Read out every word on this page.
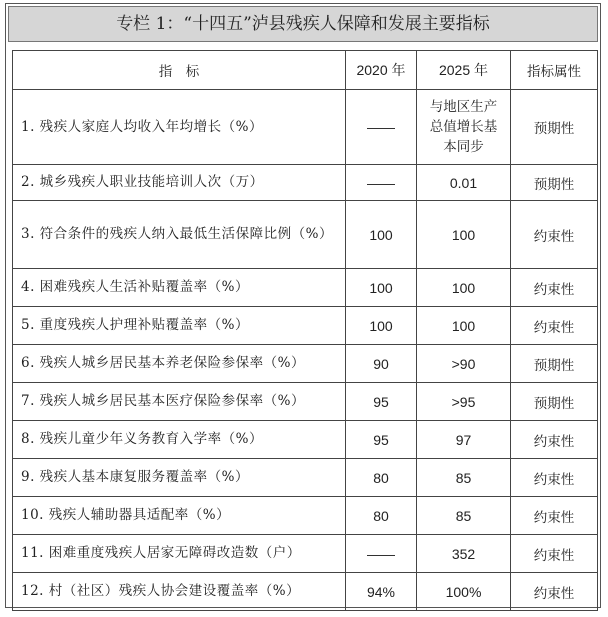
专栏 1：“十四五”泸县残疾人保障和发展主要指标
指　标	2020 年	2025 年	指标属性
1. 残疾人家庭人均收入年均增长（%）	——	与地区生产总值增长基本同步	预期性
2. 城乡残疾人职业技能培训人次（万）	——	0.01	预期性
3. 符合条件的残疾人纳入最低生活保障比例（%）	100	100	约束性
4. 困难残疾人生活补贴覆盖率（%）	100	100	约束性
5. 重度残疾人护理补贴覆盖率（%）	100	100	约束性
6. 残疾人城乡居民基本养老保险参保率（%）	90	>90	预期性
7. 残疾人城乡居民基本医疗保险参保率（%）	95	>95	预期性
8. 残疾儿童少年义务教育入学率（%）	95	97	约束性
9. 残疾人基本康复服务覆盖率（%）	80	85	约束性
10. 残疾人辅助器具适配率（%）	80	85	约束性
11. 困难重度残疾人居家无障碍改造数（户）	——	352	约束性
12. 村（社区）残疾人协会建设覆盖率（%）	94%	100%	约束性
